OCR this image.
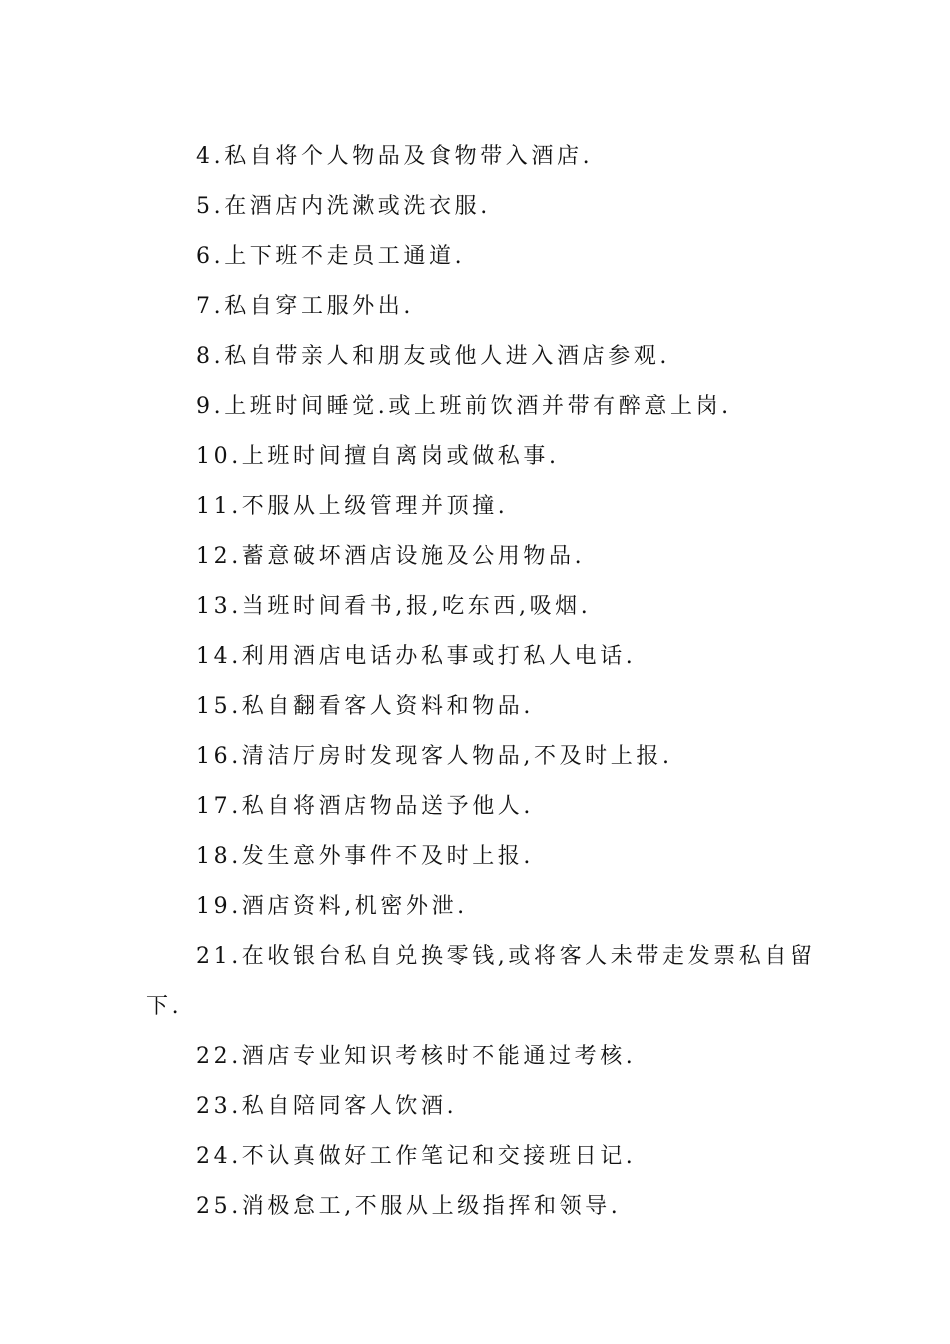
4.私自将个人物品及食物带入酒店.
5.在酒店内洗漱或洗衣服.
6.上下班不走员工通道.
7.私自穿工服外出.
8.私自带亲人和朋友或他人进入酒店参观.
9.上班时间睡觉.或上班前饮酒并带有醉意上岗.
10.上班时间擅自离岗或做私事.
11.不服从上级管理并顶撞.
12.蓄意破坏酒店设施及公用物品.
13.当班时间看书,报,吃东西,吸烟.
14.利用酒店电话办私事或打私人电话.
15.私自翻看客人资料和物品.
16.清洁厅房时发现客人物品,不及时上报.
17.私自将酒店物品送予他人.
18.发生意外事件不及时上报.
19.酒店资料,机密外泄.
21.在收银台私自兑换零钱,或将客人未带走发票私自留下.
22.酒店专业知识考核时不能通过考核.
23.私自陪同客人饮酒.
24.不认真做好工作笔记和交接班日记.
25.消极怠工,不服从上级指挥和领导.
